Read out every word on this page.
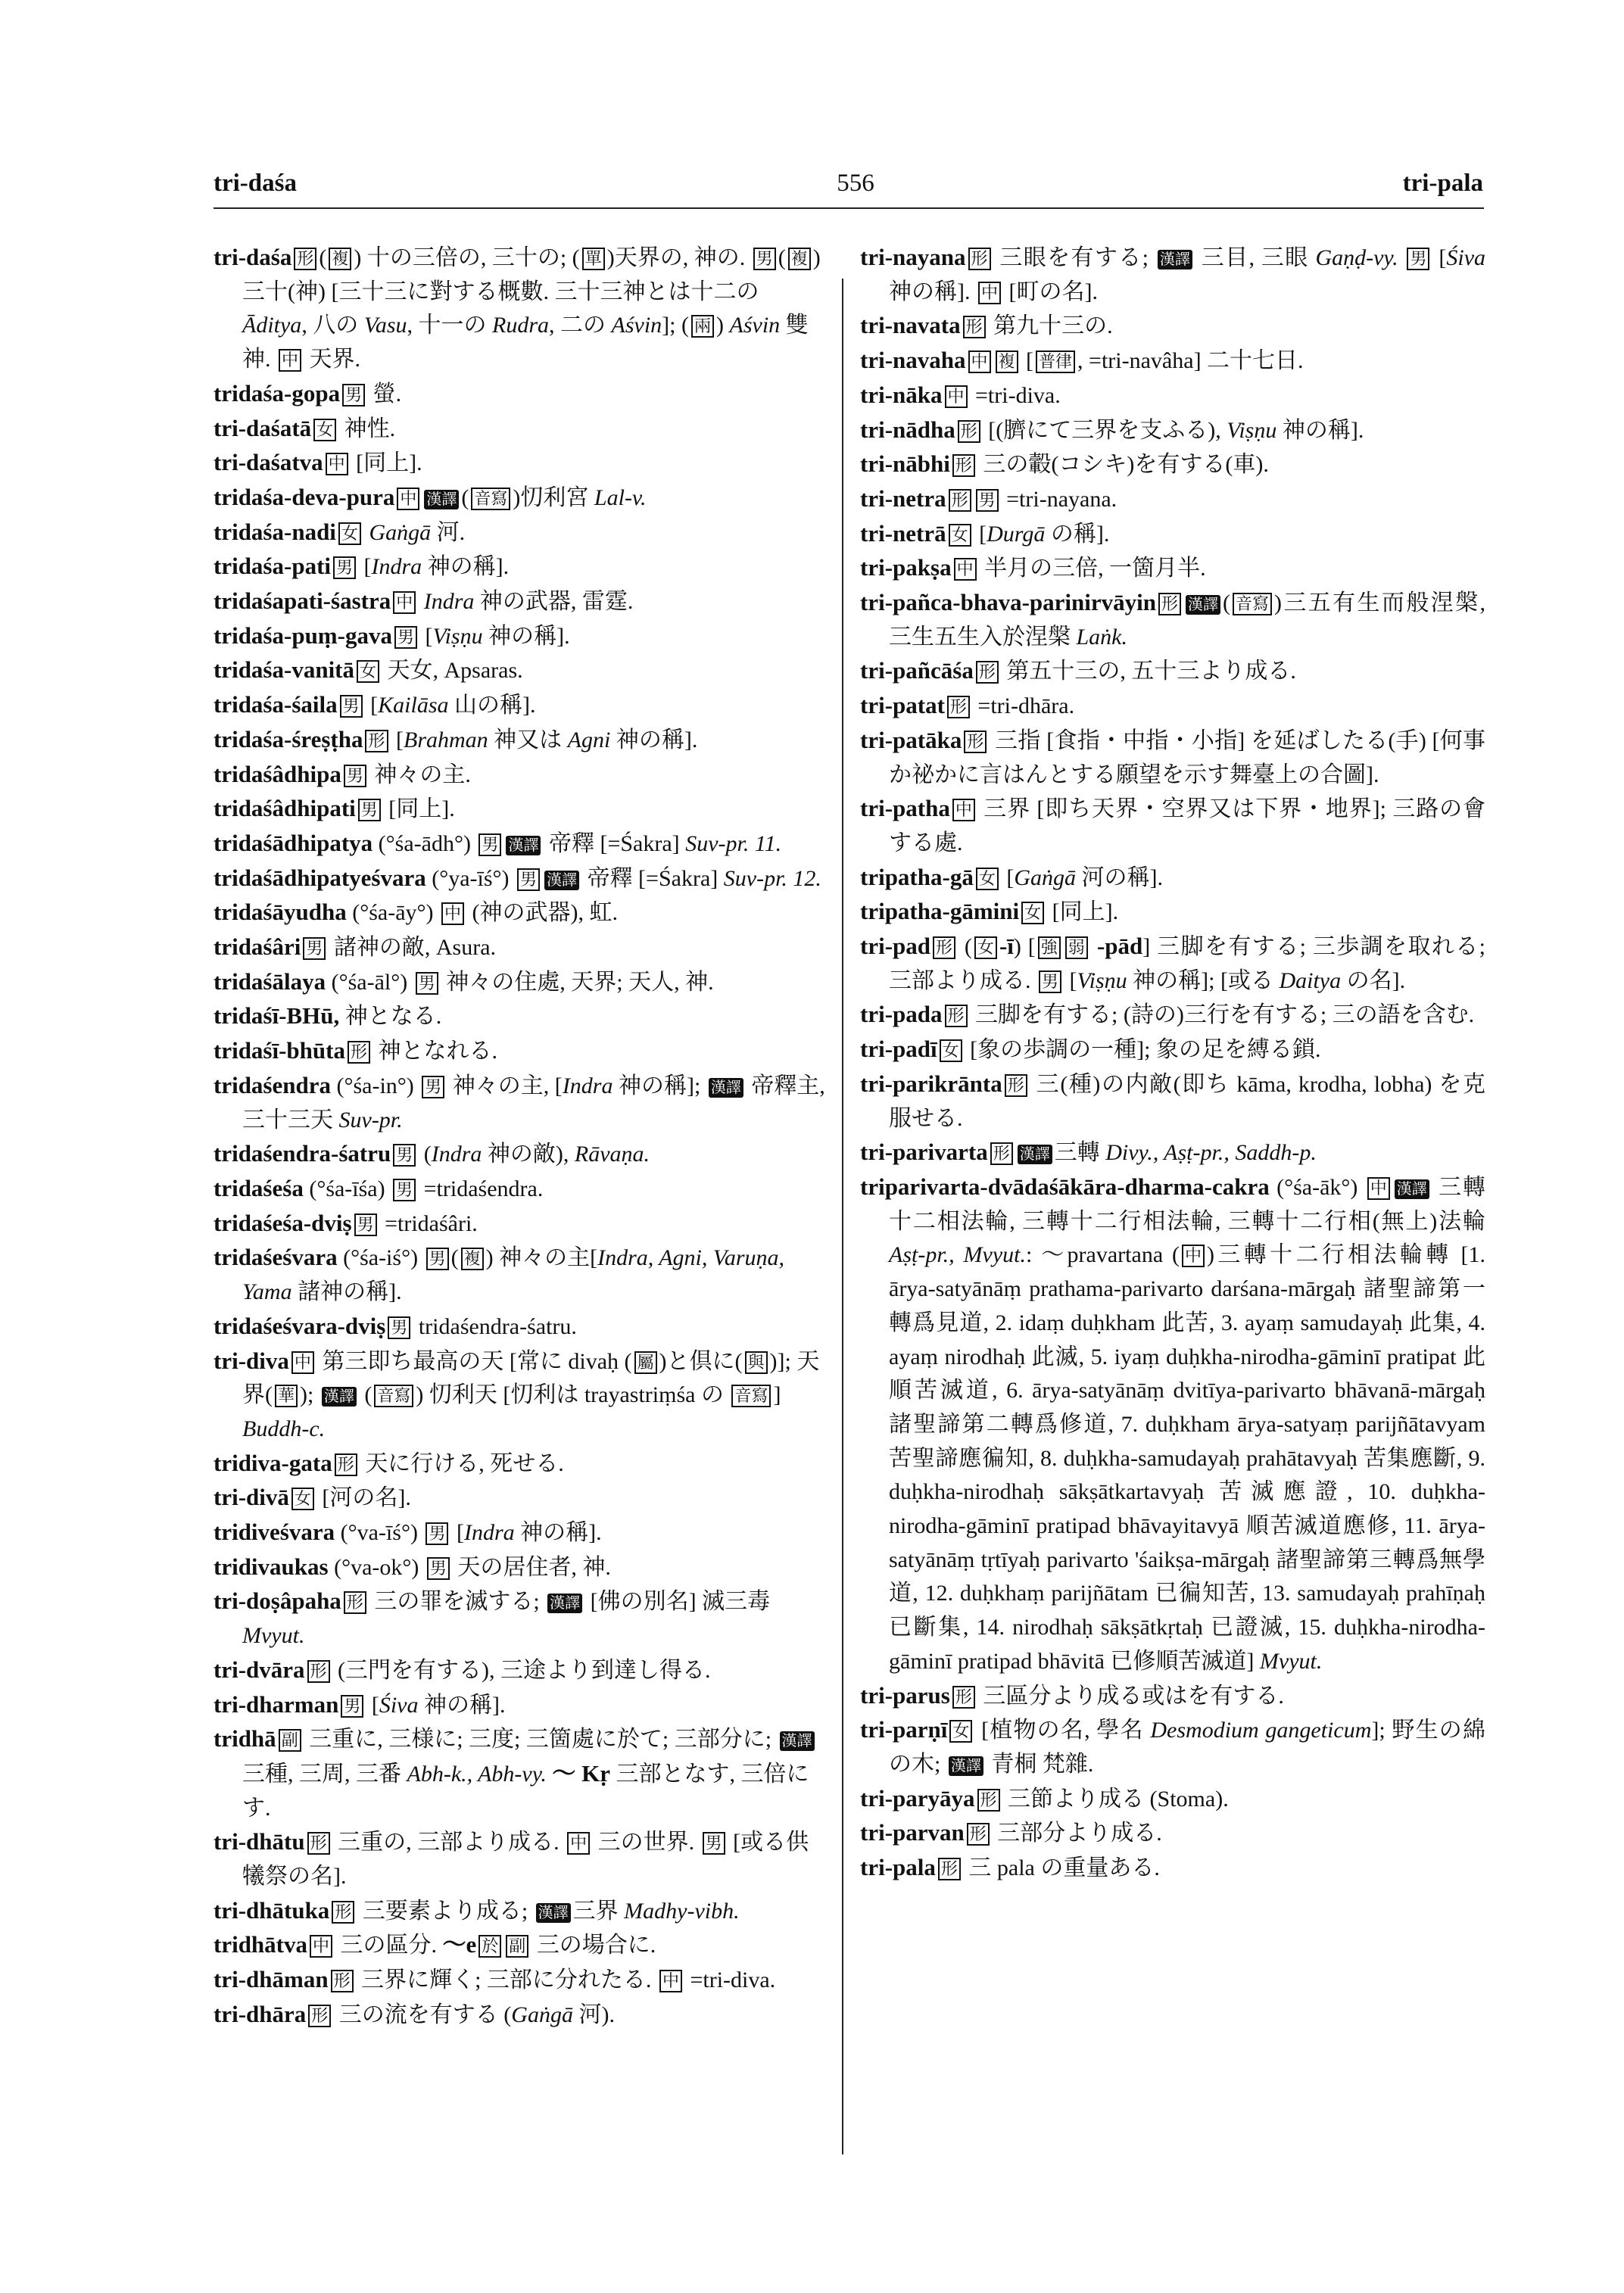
tri-daśa	556	tri-pala
tri-daśa 形 ( 複 ) 十の三倍の, 三十の; ( 單 )天界の, 神の. 男 ( 複 ) 三十(神) [三十三に對する概數. 三十三神とは十二の Āditya, 八の Vasu, 十一の Rudra, 二の Aśvin]; ( 兩 ) Aśvin 雙神. 中 天界.
tridaśa-gopa 男 螢.
tri-daśatā 女 神性.
tri-daśatva 中 [同上].
tridaśa-deva-pura 中 漢譯 ( 音寫 )忉利宮 Lal-v.
tridaśa-nadi 女 Gaṅgā 河.
tridaśa-pati 男 [Indra 神の稱].
tridaśapati-śastra 中 Indra 神の武器, 雷霆.
tridaśa-puṃ-gava 男 [Viṣṇu 神の稱].
tridaśa-vanitā 女 天女, Apsaras.
tridaśa-śaila 男 [Kailāsa 山の稱].
tridaśa-śreṣṭha 形 [Brahman 神又は Agni 神の稱].
tridaśâdhipa 男 神々の主.
tridaśâdhipati 男 [同上].
tridaśādhipatya (°śa-ādh°) 男 漢譯 帝釋 [=Śakra] Suv-pr. 11.
tridaśādhipatyeśvara (°ya-īś°) 男 漢譯 帝釋 [=Śakra] Suv-pr. 12.
tridaśāyudha (°śa-āy°) 中 (神の武器), 虹.
tridaśâri 男 諸神の敵, Asura.
tridaśālaya (°śa-āl°) 男 神々の住處, 天界; 天人, 神.
tridaśī-BHū, 神となる.
tridaśī-bhūta 形 神となれる.
tridaśendra (°śa-in°) 男 神々の主, [Indra 神の稱]; 漢譯 帝釋主, 三十三天 Suv-pr.
tridaśendra-śatru 男 (Indra 神の敵), Rāvaṇa.
tridaśeśa (°śa-īśa) 男 =tridaśendra.
tridaśeśa-dviṣ 男 =tridaśâri.
tridaśeśvara (°śa-iś°) 男 ( 複 ) 神々の主[Indra, Agni, Varuṇa, Yama 諸神の稱].
tridaśeśvara-dviṣ 男 tridaśendra-śatru.
tri-diva 中 第三即ち最高の天 [常に divaḥ ( 屬 )と倶に( 與 )]; 天界( 華 ); 漢譯 ( 音寫 ) 忉利天 [忉利は trayastriṃśa の 音寫 ] Buddh-c.
tridiva-gata 形 天に行ける, 死せる.
tri-divā 女 [河の名].
tridiveśvara (°va-īś°) 男 [Indra 神の稱].
tridivaukas (°va-ok°) 男 天の居住者, 神.
tri-doṣâpaha 形 三の罪を滅する; 漢譯 [佛の別名] 滅三毒 Mvyut.
tri-dvāra 形 (三門を有する), 三途より到達し得る.
tri-dharman 男 [Śiva 神の稱].
tridhā 副 三重に, 三様に; 三度; 三箇處に於て; 三部分に; 漢譯 三種, 三周, 三番 Abh-k., Abh-vy. ～ Kṛ 三部となす, 三倍にす.
tri-dhātu 形 三重の, 三部より成る. 中 三の世界. 男 [或る供犧祭の名].
tri-dhātuka 形 三要素より成る; 漢譯 三界 Madhy-vibh.
tridhātva 中 三の區分. ～e 於 副 三の場合に.
tri-dhāman 形 三界に輝く; 三部に分れたる. 中 =tri-diva.
tri-dhāra 形 三の流を有する (Gaṅgā 河).
tri-nayana 形 三眼を有する; 漢譯 三目, 三眼 Gaṇḍ-vy. 男 [Śiva 神の稱]. 中 [町の名].
tri-navata 形 第九十三の.
tri-navaha 中 複 [ 普律 , =tri-navâha] 二十七日.
tri-nāka 中 =tri-diva.
tri-nādha 形 [(臍にて三界を支ふる), Viṣṇu 神の稱].
tri-nābhi 形 三の轂(コシキ)を有する(車).
tri-netra 形 男 =tri-nayana.
tri-netrā 女 [Durgā の稱].
tri-pakṣa 中 半月の三倍, 一箇月半.
tri-pañca-bhava-parinirvāyin 形 漢譯 ( 音寫 )三五有生而般涅槃, 三生五生入於涅槃 Laṅk.
tri-pañcāśa 形 第五十三の, 五十三より成る.
tri-patat 形 =tri-dhāra.
tri-patāka 形 三指 [食指・中指・小指] を延ばしたる(手) [何事か祕かに言はんとする願望を示す舞臺上の合圖].
tri-patha 中 三界 [即ち天界・空界又は下界・地界]; 三路の會する處.
tripatha-gā 女 [Gaṅgā 河の稱].
tripatha-gāmini 女 [同上].
tri-pad 形 ( 女 -ī) [ 強 弱 -pād] 三脚を有する; 三歩調を取れる; 三部より成る. 男 [Viṣṇu 神の稱]; [或る Daitya の名].
tri-pada 形 三脚を有する; (詩の)三行を有する; 三の語を含む.
tri-padī 女 [象の歩調の一種]; 象の足を縛る鎖.
tri-parikrānta 形 三(種)の内敵(即ち kāma, krodha, lobha) を克服せる.
tri-parivarta 形 漢譯 三轉 Divy., Aṣṭ-pr., Saddh-p.
triparivarta-dvādaśākāra-dharma-cakra (°śa-āk°) 中 漢譯 三轉十二相法輪, 三轉十二行相法輪, 三轉十二行相(無上)法輪 Aṣṭ-pr., Mvyut.: ～pravartana ( 中 )三轉十二行相法輪轉 [1. ārya-satyānāṃ prathama-parivarto darśana-mārgaḥ 諸聖諦第一轉爲見道, 2. idaṃ duḥkham 此苦, 3. ayaṃ samudayaḥ 此集, 4. ayaṃ nirodhaḥ 此滅, 5. iyaṃ duḥkha-nirodha-gāminī pratipat 此順苦滅道, 6. ārya-satyānāṃ dvitīya-parivarto bhāvanā-mārgaḥ 諸聖諦第二轉爲修道, 7. duḥkham ārya-satyaṃ parijñātavyam 苦聖諦應徧知, 8. duḥkha-samudayaḥ prahātavyaḥ 苦集應斷, 9. duḥkha-nirodhaḥ sākṣātkartavyaḥ 苦滅應證, 10. duḥkha-nirodha-gāminī pratipad bhāvayitavyā 順苦滅道應修, 11. ārya-satyānāṃ tṛtīyaḥ parivarto 'śaikṣa-mārgaḥ 諸聖諦第三轉爲無學道, 12. duḥkhaṃ parijñātam 已徧知苦, 13. samudayaḥ prahīṇaḥ 已斷集, 14. nirodhaḥ sākṣātkṛtaḥ 已證滅, 15. duḥkha-nirodha-gāminī pratipad bhāvitā 已修順苦滅道] Mvyut.
tri-parus 形 三區分より成る或はを有する.
tri-parṇī 女 [植物の名, 學名 Desmodium gangeticum]; 野生の綿の木; 漢譯 青桐 梵雜.
tri-paryāya 形 三節より成る (Stoma).
tri-parvan 形 三部分より成る.
tri-pala 形 三 pala の重量ある.
